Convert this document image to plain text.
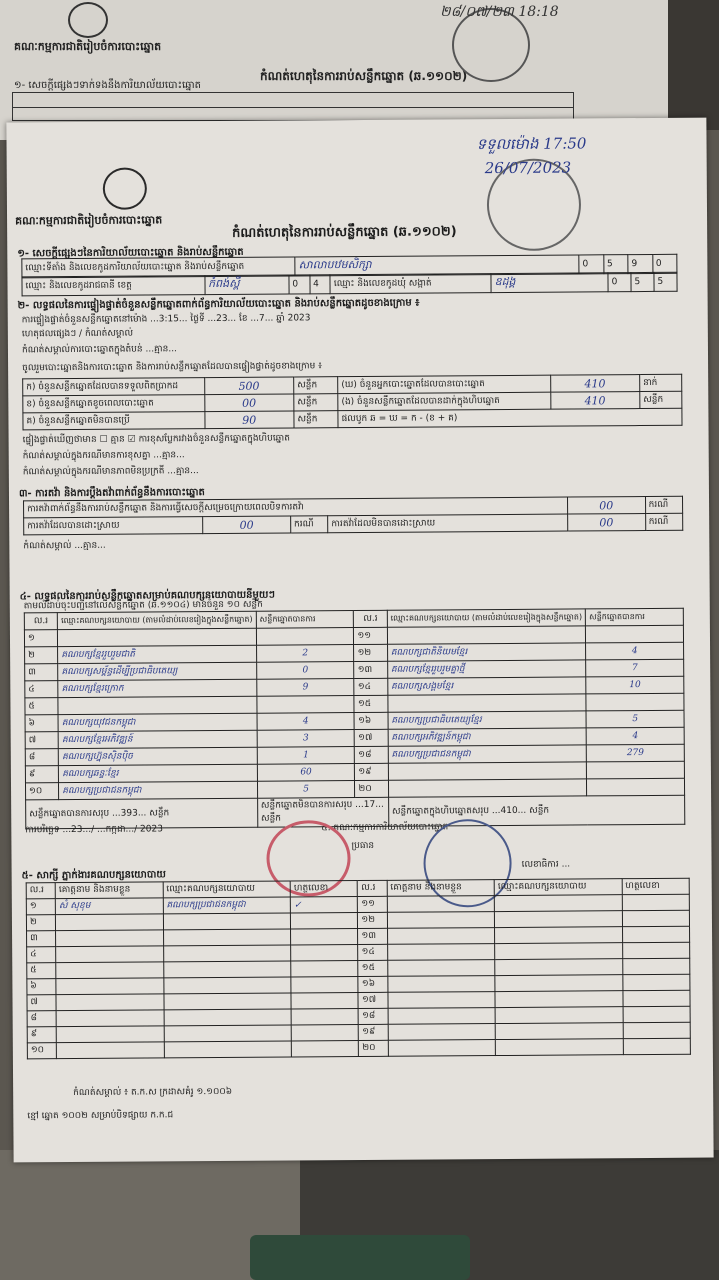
គណៈកម្មការជាតិរៀបចំការបោះឆ្នោត
កំណត់ហេតុនៃការរាប់សន្លឹកឆ្នោត (ឆ.១១០២)
២៨/០៧/២៣ 18:18
១- សេចក្តីផ្សេងៗទាក់ទងនឹងការិយាល័យបោះឆ្នោត
គណៈកម្មការជាតិរៀបចំការបោះឆ្នោត
កំណត់ហេតុនៃការរាប់សន្លឹកឆ្នោត (ឆ.១១០២)
ទទួលម៉ោង 17:50
26/07/2023
១- សេចក្តីផ្សេងៗនៃការិយាល័យបោះឆ្នោត និងរាប់សន្លឹកឆ្នោត
ឈ្មោះទីតាំង និងលេខកូដការិយាល័យបោះឆ្នោត និងរាប់សន្លឹកឆ្នោត	សាលាបឋមសិក្សា	0	5	9	0
ឈ្មោះ និងលេខកូដរាជធានី ខេត្ត	កំពង់ស្ពឺ	0	4	ឈ្មោះ និងលេខកូដឃុំ សង្កាត់	ឧដុង្គ	0	5	5
២- លទ្ធផលនៃការផ្ទៀងផ្ទាត់ចំនួនសន្លឹកឆ្នោតពាក់ព័ន្ធការិយាល័យបោះឆ្នោត និងរាប់សន្លឹកឆ្នោតដូចខាងក្រោម ៖
ការផ្ទៀងផ្ទាត់ចំនួនសន្លឹកឆ្នោតនៅម៉ោង ...3:15... ថ្ងៃទី ...23... ខែ ...7... ឆ្នាំ 2023
ហេតុផលផ្សេងៗ / កំណត់សម្គាល់
កំណត់សម្គាល់ការបោះឆ្នោតក្នុងតំបន់ ...គ្មាន...
ចូលរួមបោះឆ្នោតនិងការបោះឆ្នោត និងការរាប់សន្លឹកឆ្នោតដែលបានផ្ទៀងផ្ទាត់ដូចខាងក្រោម ៖
ក) ចំនួនសន្លឹកឆ្នោតដែលបានទទួលពិតប្រាកដ	500	សន្លឹក	(ឃ) ចំនួនអ្នកបោះឆ្នោតដែលបានបោះឆ្នោត	410	នាក់
ខ) ចំនួនសន្លឹកឆ្នោតខូចពេលបោះឆ្នោត	00	សន្លឹក	(ង) ចំនួនសន្លឹកឆ្នោតដែលបានដាក់ក្នុងហិបឆ្នោត	410	សន្លឹក
គ) ចំនួនសន្លឹកឆ្នោតមិនបានប្រើ	90	សន្លឹក	ផលបូក ឆ = ឃ = ក - (ខ + គ)		
ផ្ទៀងផ្ទាត់ឃើញថាមាន ☐ គ្មាន ☑ ការខុសប្លែករវាងចំនួនសន្លឹកឆ្នោតក្នុងហិបឆ្នោត
កំណត់សម្គាល់ក្នុងករណីមានការខុសគ្នា ...គ្មាន...
កំណត់សម្គាល់ក្នុងករណីមានភាពមិនប្រក្រតី ...គ្មាន...
៣- ការតវ៉ា និងការប្តឹងតវ៉ាពាក់ព័ន្ធនឹងការបោះឆ្នោត
ការតវ៉ាពាក់ព័ន្ធនឹងការរាប់សន្លឹកឆ្នោត និងការធ្វើសេចក្តីសម្រេចក្រោយពេលបិទការតវ៉ា				00	ករណី
ការតវ៉ាដែលបានដោះស្រាយ	00	ករណី	ការតវ៉ាដែលមិនបានដោះស្រាយ	00	ករណី
កំណត់សម្គាល់ ...គ្មាន...
៤- លទ្ធផលនៃការរាប់សន្លឹកឆ្នោតសម្រាប់គណបក្សនយោបាយនីមួយៗ
តាមលំដាប់ចុះបញ្ជីនៅលើសន្លឹកឆ្នោត (ឆ.១១០៤) មានចំនួន ១០ សន្លឹក
ល.រ	ឈ្មោះគណបក្សនយោបាយ (តាមលំដាប់លេខរៀងក្នុងសន្លឹកឆ្នោត)	សន្លឹកឆ្នោតបានការ	ល.រ	ឈ្មោះគណបក្សនយោបាយ (តាមលំដាប់លេខរៀងក្នុងសន្លឹកឆ្នោត)	សន្លឹកឆ្នោតបានការ
១			១១		
២	គណបក្សខ្មែររួបរួមជាតិ	2	១២	គណបក្សជាតិនិយមខ្មែរ	4
៣	គណបក្សសម្ព័ន្ធដើម្បីប្រជាធិបតេយ្យ	0	១៣	គណបក្សខ្មែររួបរួមគ្នាថ្មី	7
៤	គណបក្សខ្មែរក្រោក	9	១៤	គណបក្សសង្គមខ្មែរ	10
៥			១៥		
៦	គណបក្សយុវជនកម្ពុជា	4	១៦	គណបក្សប្រជាធិបតេយ្យខ្មែរ	5
៧	គណបក្សខ្មែរអភិវឌ្ឍន៍	3	១៧	គណបក្សអភិវឌ្ឍន៍កម្ពុជា	4
៨	គណបក្សហ្វ៊ុនស៊ិនប៉ិច	1	១៨	គណបក្សប្រជាជនកម្ពុជា	279
៩	គណបក្សឆន្ទៈខ្មែរ	60	១៩		
១០	គណបក្សប្រជាជនកម្ពុជា	5	២០		
សន្លឹកឆ្នោតបានការសរុប ...393... សន្លឹក		សន្លឹកឆ្នោតមិនបានការសរុប ...17... សន្លឹក		សន្លឹកឆ្នោតក្នុងហិបឆ្នោតសរុប ...410... សន្លឹក	
ការបរិច្ឆេទ ...23.../ ...កក្កដា.../ 2023	៤. គណៈកម្មការការិយាល័យបោះឆ្នោត
ប្រធាន
លេខាធិការ ...
៥- សាក្សី ភ្នាក់ងារគណបក្សនយោបាយ
ល.រ	គោត្តនាម និងនាមខ្លួន	ឈ្មោះគណបក្សនយោបាយ	ហត្ថលេខា	ល.រ	គោត្តនាម និងនាមខ្លួន	ឈ្មោះគណបក្សនយោបាយ	ហត្ថលេខា
១	សំ សុខុម	គណបក្សប្រជាជនកម្ពុជា	✓	១១			
២				១២			
៣				១៣			
៤				១៤			
៥				១៥			
៦				១៦			
៧				១៧			
៨				១៨			
៩				១៩			
១០				២០			
កំណត់សម្គាល់ ៖ ត.ក.ស ក្រដាសគំរូ ១.១០០៦
ខ្មៅ ឆ្នោត ១០០២ សម្រាប់បិទផ្សាយ ក.ក.ជ
